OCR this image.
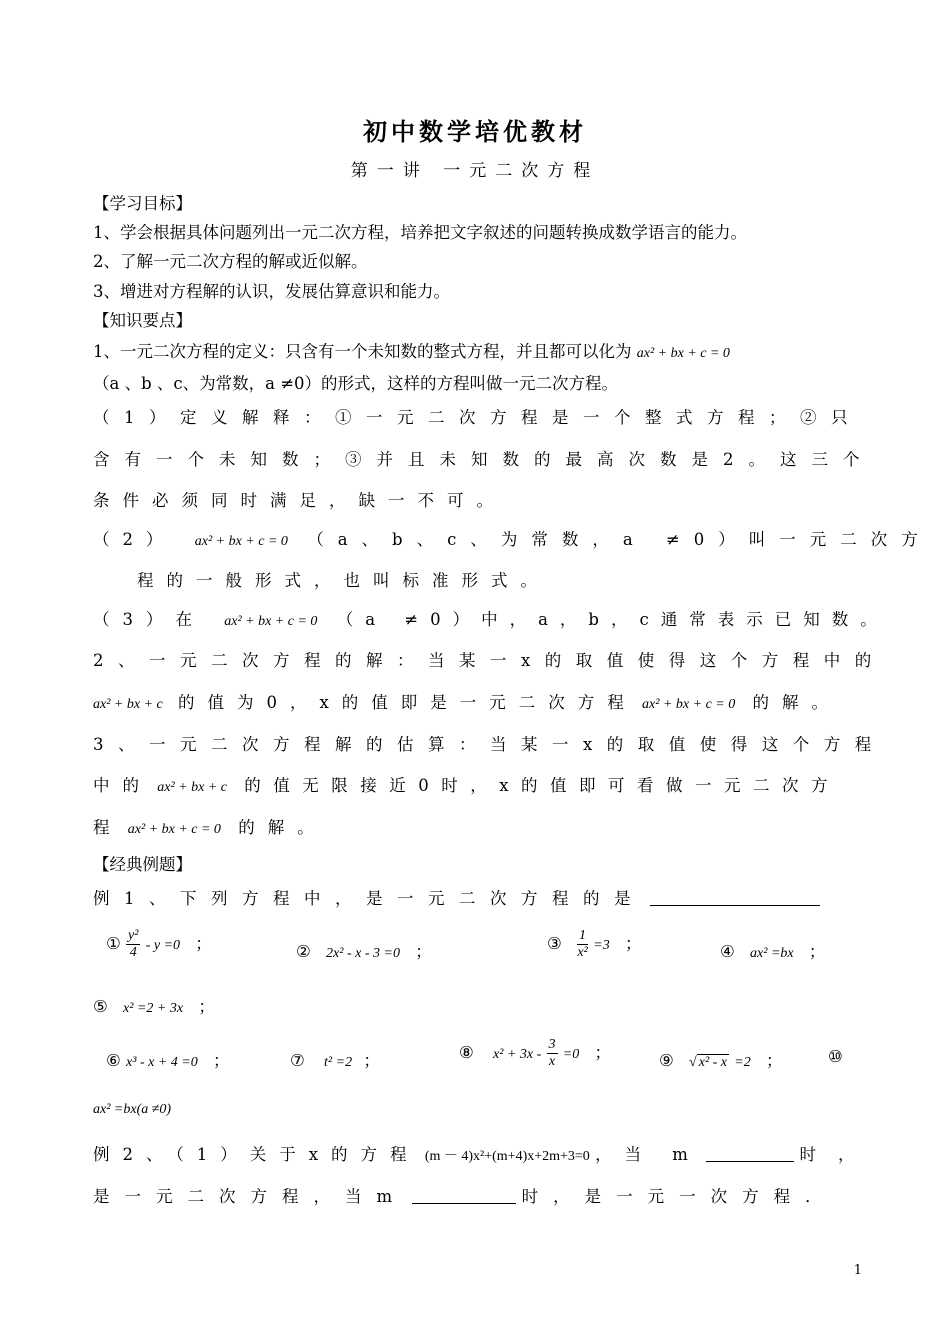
初中数学培优教材
第一讲 一元二次方程
【学习目标】
1、学会根据具体问题列出一元二次方程，培养把文字叙述的问题转换成数学语言的能力。
2、了解一元二次方程的解或近似解。
3、增进对方程解的认识，发展估算意识和能力。
【知识要点】
1、一元二次方程的定义：只含有一个未知数的整式方程，并且都可以化为 ax² + bx + c = 0
（a 、b 、c、为常数，a ≠0）的形式，这样的方程叫做一元二次方程。
（1）定义解释：①一元二次方程是一个整式方程；②只
含有一个未知数；③并且未知数的最高次数是2。这三个
条件必须同时满足，缺一不可。
（2） ax² + bx + c = 0 （a、b、c、为常数，a ≠0）叫一元二次方
程的一般形式，也叫标准形式。
（3）在 ax² + bx + c = 0 （a ≠0）中，a，b，c通常表示已知数。
2、一元二次方程的解：当某一x的取值使得这个方程中的
ax² + bx + c 的值为0，x的值即是一元二次方程 ax² + bx + c = 0 的解。
3、一元二次方程解的估算：当某一x的取值使得这个方程
中的 ax² + bx + c 的值无限接近0时，x的值即可看做一元二次方
程 ax² + bx + c = 0 的解。
【经典例题】
例1、下列方程中，是一元二次方程的是
① $\frac{\text{y²}}{4} - y =0$ ；	② 2x² - x - 3 =0 ；	③ $\frac{1}{\text{x²}} =3$ ；	④ ax² =bx ；
⑤ x² =2 + 3x ；
⑥ x³ - x + 4 =0 ；	⑦ t² =2 ；	⑧ $x^2 + 3x - \frac{3}{x} =0$ ；	⑨ √ x² - x =2 ；	⑩
ax² =bx(a ≠0)
例2、（1）关于x的方程 (m － 4)x²+(m+4)x+2m+3=0 ，当 m	时，
是一元二次方程，当m	时，是一元一次方程．
1
